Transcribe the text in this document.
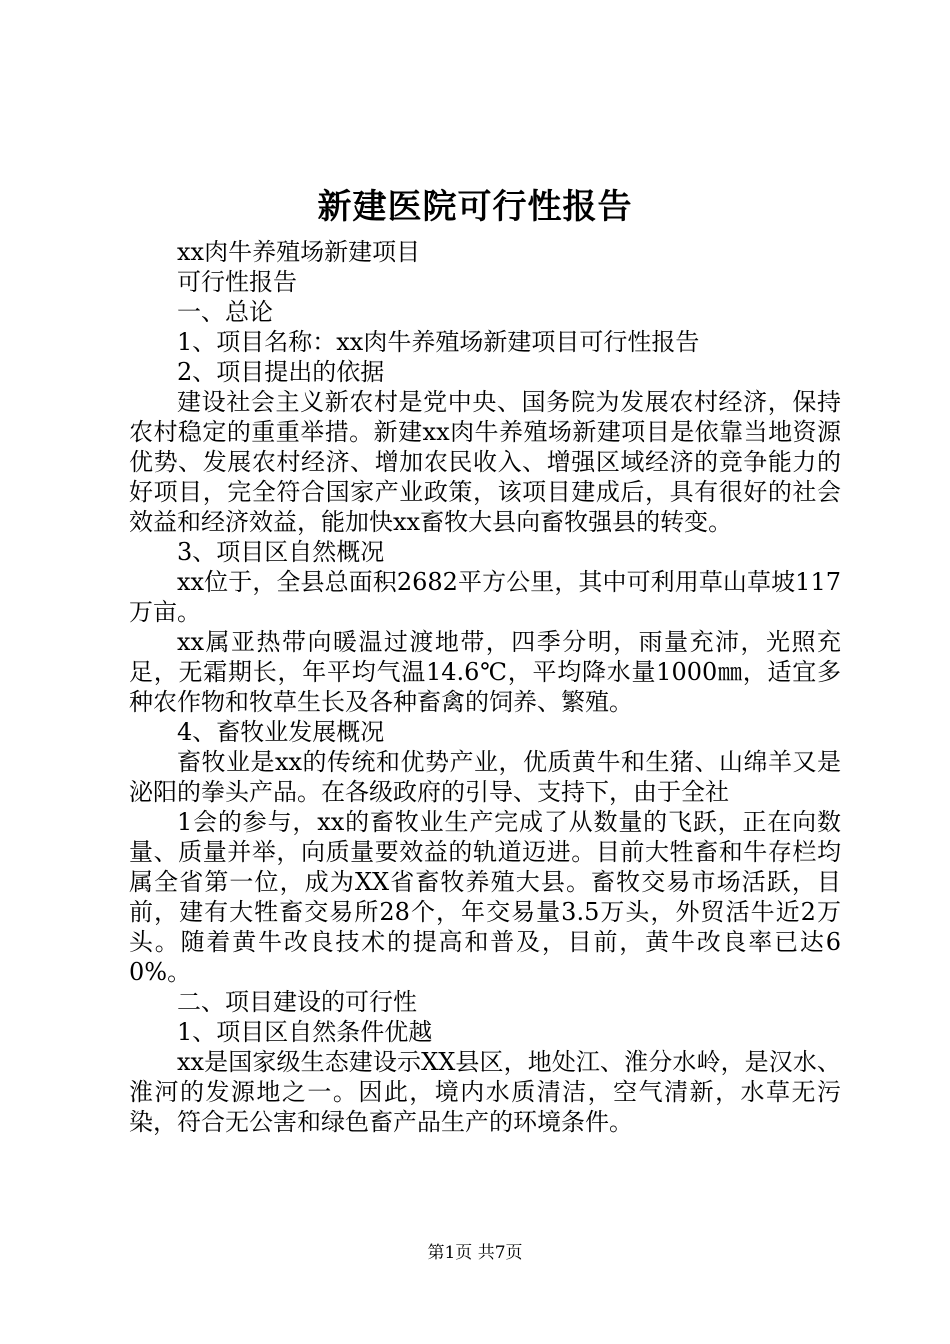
新建医院可行性报告

xx肉牛养殖场新建项目

可行性报告

一、总论

1、项目名称：xx肉牛养殖场新建项目可行性报告

2、项目提出的依据

建设社会主义新农村是党中央、国务院为发展农村经济，保持农村稳定的重重举措。新建xx肉牛养殖场新建项目是依靠当地资源优势、发展农村经济、增加农民收入、增强区域经济的竞争能力的好项目，完全符合国家产业政策，该项目建成后，具有很好的社会效益和经济效益，能加快xx畜牧大县向畜牧强县的转变。

3、项目区自然概况

xx位于，全县总面积2682平方公里，其中可利用草山草坡117万亩。

xx属亚热带向暖温过渡地带，四季分明，雨量充沛，光照充足，无霜期长，年平均气温14.6℃，平均降水量1000㎜，适宜多种农作物和牧草生长及各种畜禽的饲养、繁殖。

4、畜牧业发展概况

畜牧业是xx的传统和优势产业，优质黄牛和生猪、山绵羊又是泌阳的拳头产品。在各级政府的引导、支持下，由于全社

1会的参与，xx的畜牧业生产完成了从数量的飞跃，正在向数量、质量并举，向质量要效益的轨道迈进。目前大牲畜和牛存栏均属全省第一位，成为XX省畜牧养殖大县。畜牧交易市场活跃，目前，建有大牲畜交易所28个，年交易量3.5万头，外贸活牛近2万头。随着黄牛改良技术的提高和普及，目前，黄牛改良率已达60%。

二、项目建设的可行性

1、项目区自然条件优越

xx是国家级生态建设示XX县区，地处江、淮分水岭，是汉水、淮河的发源地之一。因此，境内水质清洁，空气清新，水草无污染，符合无公害和绿色畜产品生产的环境条件。

第1页 共7页
